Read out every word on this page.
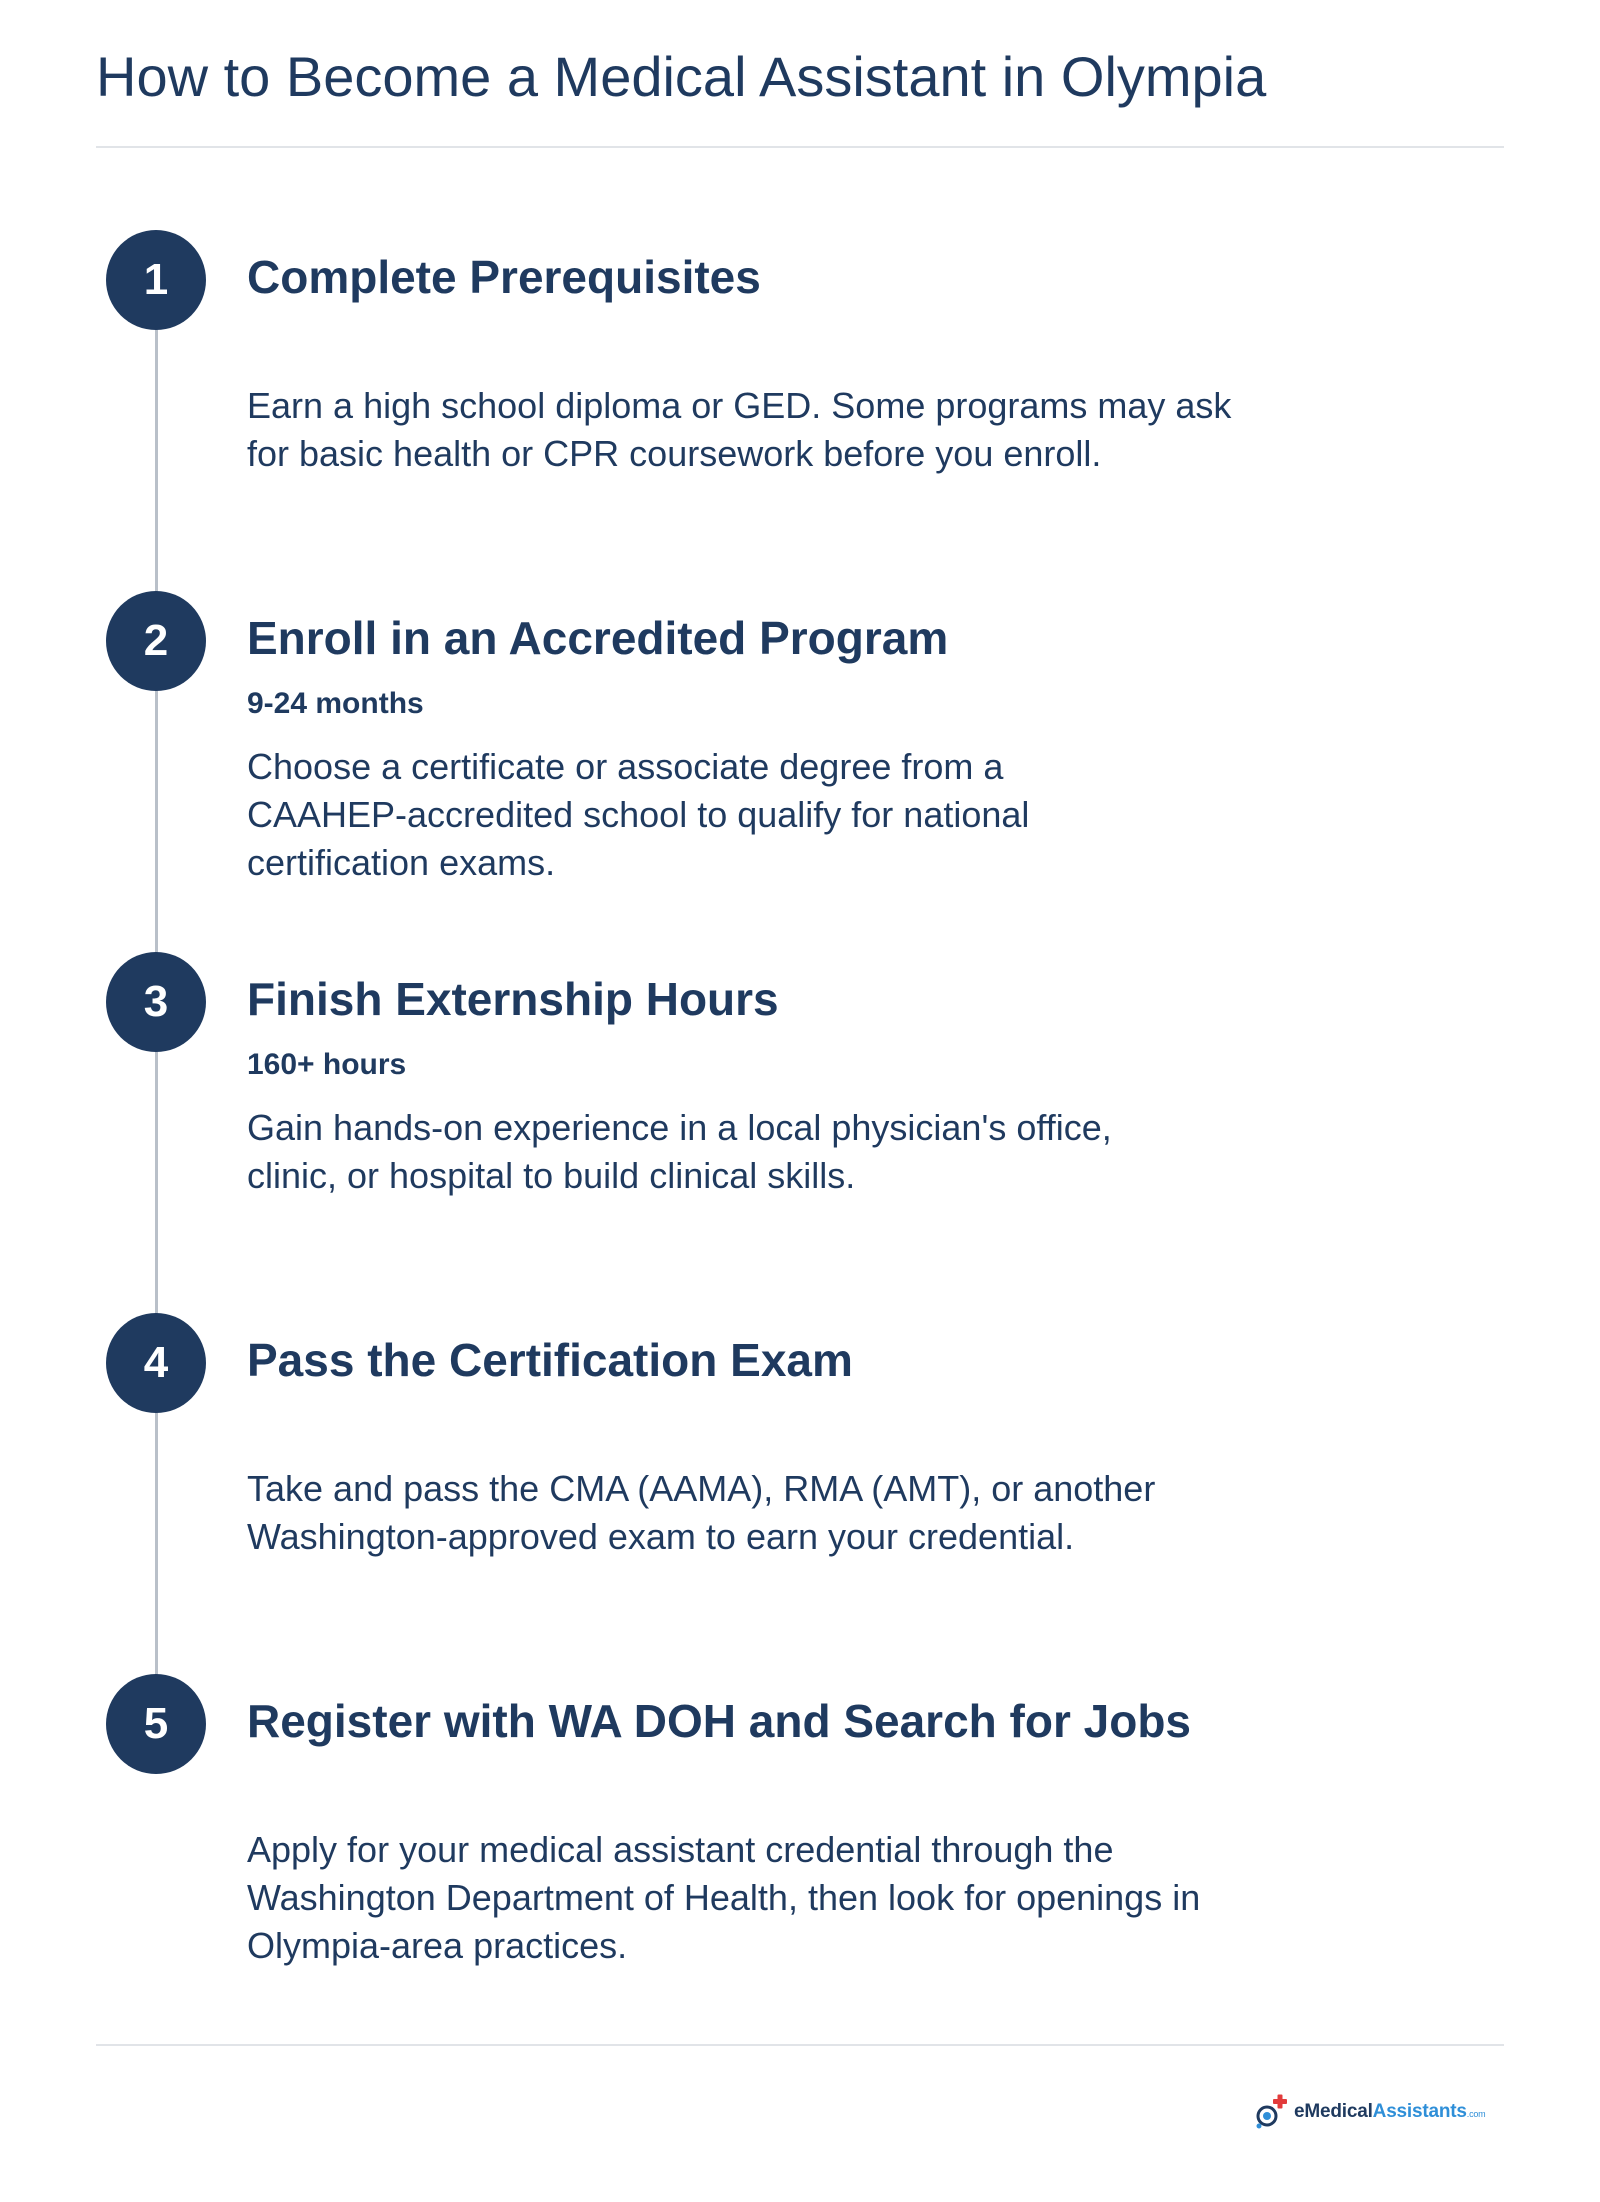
How to Become a Medical Assistant in Olympia
1	Complete Prerequisites
Earn a high school diploma or GED. Some programs may ask
for basic health or CPR coursework before you enroll.
2	Enroll in an Accredited Program
9-24 months
Choose a certificate or associate degree from a
CAAHEP-accredited school to qualify for national
certification exams.
3	Finish Externship Hours
160+ hours
Gain hands-on experience in a local physician's office,
clinic, or hospital to build clinical skills.
4	Pass the Certification Exam
Take and pass the CMA (AAMA), RMA (AMT), or another
Washington-approved exam to earn your credential.
5	Register with WA DOH and Search for Jobs
Apply for your medical assistant credential through the
Washington Department of Health, then look for openings in
Olympia-area practices.
eMedicalAssistants.com
